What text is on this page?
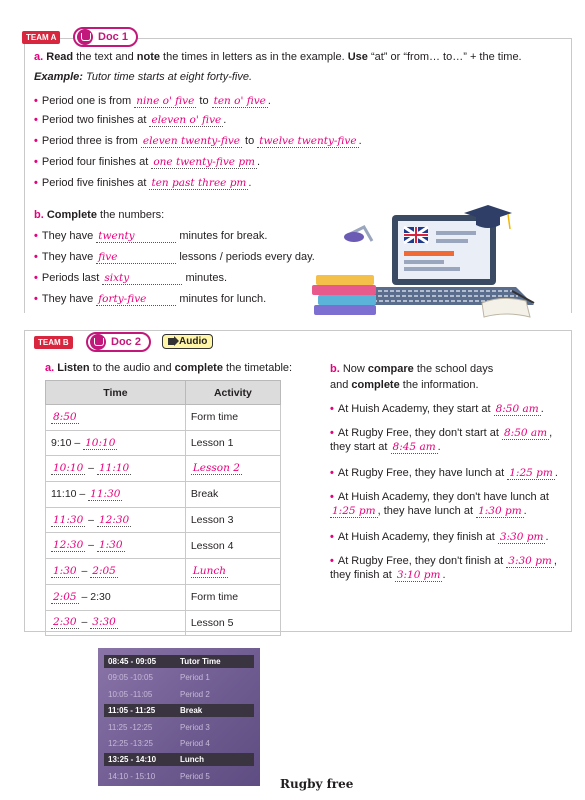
TEAM A	Doc 1
a. Read the text and note the times in letters as in the example. Use “at” or “from… to…” + the time.
Example: Tutor time starts at eight forty-five.
• Period one is from nine o' five to ten o' five .
• Period two finishes at eleven o' five .
• Period three is from eleven twenty-five to twelve twenty-five .
• Period four finishes at one twenty-five pm .
• Period five finishes at ten past three pm .
b. Complete the numbers:
• They have twenty	minutes for break.
• They have five	lessons / periods every day.
• Periods last sixty	minutes.
• They have forty-five	minutes for lunch.
TEAM B	Doc 2	Audio
a. Listen to the audio and complete the timetable:
Time	Activity
8:50	Form time
9:10 – 10:10	Lesson 1
10:10 – 11:10	Lesson 2
11:10 – 11:30	Break
11:30 – 12:30	Lesson 3
12:30 – 1:30	Lesson 4
1:30 – 2:05	Lunch
2:05 – 2:30	Form time
2:30 – 3:30	Lesson 5
b. Now compare the school days
and complete the information.
• At Huish Academy, they start at 8:50 am .
• At Rugby Free, they don't start at 8:50 am ,
they start at 8:45 am .
• At Rugby Free, they have lunch at 1:25 pm .
• At Huish Academy, they don't have lunch at
1:25 pm , they have lunch at 1:30 pm .
• At Huish Academy, they finish at 3:30 pm .
• At Rugby Free, they don't finish at 3:30 pm ,
they finish at 3:10 pm .
08:45 - 09:05	Tutor Time
09:05 -10:05	Period 1
10:05 -11:05	Period 2
11:05 - 11:25	Break
11:25 -12:25	Period 3
12:25 -13:25	Period 4
13:25 - 14:10	Lunch
14:10 - 15:10	Period 5
Rugby free
